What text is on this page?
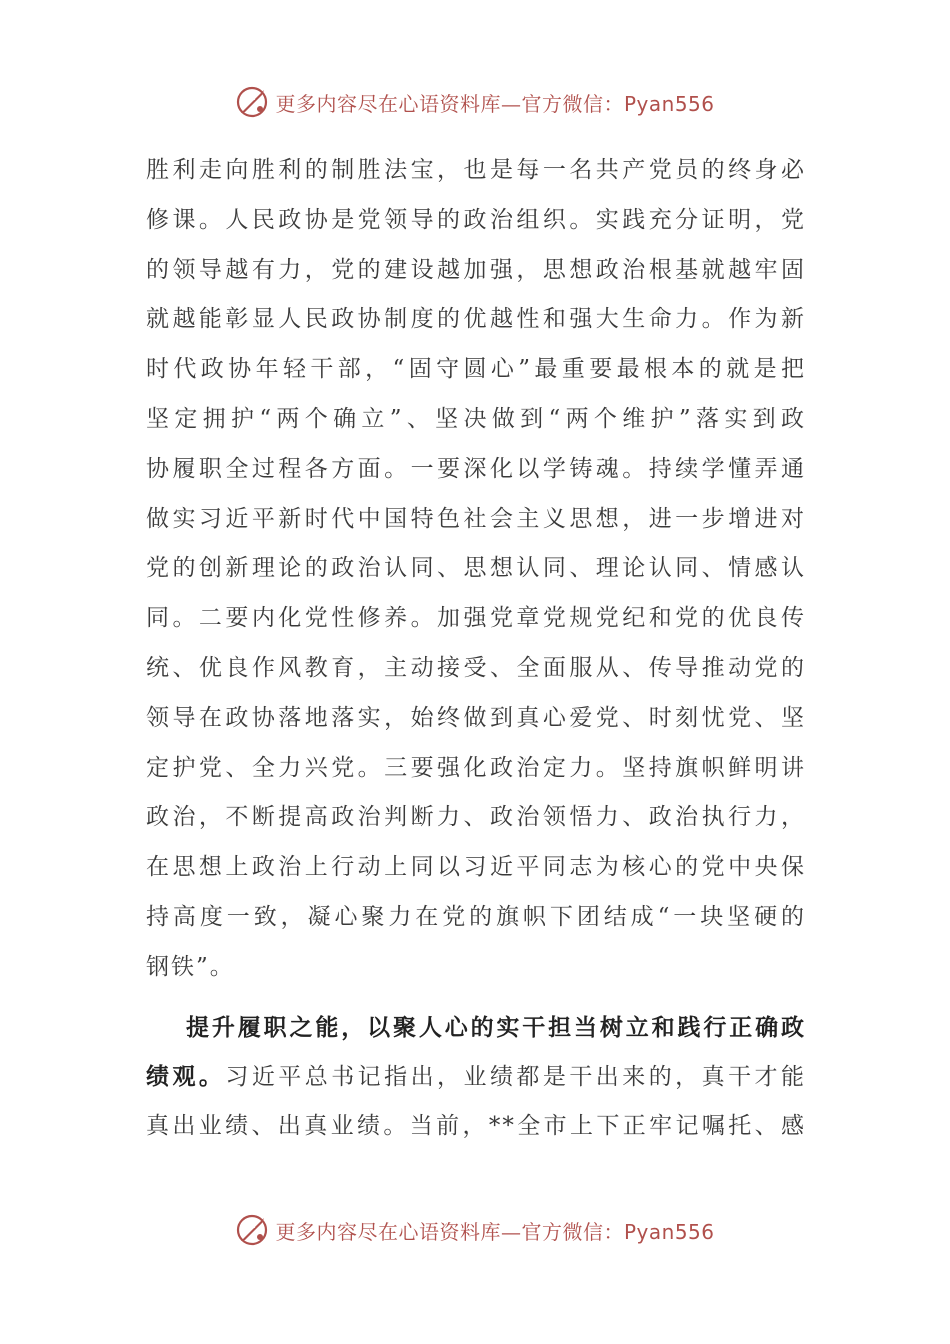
更多内容尽在心语资料库—官方微信：Pyan556
胜利走向胜利的制胜法宝，也是每一名共产党员的终身必
修课。人民政协是党领导的政治组织。实践充分证明，党
的领导越有力，党的建设越加强，思想政治根基就越牢固
就越能彰显人民政协制度的优越性和强大生命力。作为新
时代政协年轻干部，“固守圆心”最重要最根本的就是把
坚定拥护“两个确立”、坚决做到“两个维护”落实到政
协履职全过程各方面。一要深化以学铸魂。持续学懂弄通
做实习近平新时代中国特色社会主义思想，进一步增进对
党的创新理论的政治认同、思想认同、理论认同、情感认
同。二要内化党性修养。加强党章党规党纪和党的优良传
统、优良作风教育，主动接受、全面服从、传导推动党的
领导在政协落地落实，始终做到真心爱党、时刻忧党、坚
定护党、全力兴党。三要强化政治定力。坚持旗帜鲜明讲
政治，不断提高政治判断力、政治领悟力、政治执行力，
在思想上政治上行动上同以习近平同志为核心的党中央保
持高度一致，凝心聚力在党的旗帜下团结成“一块坚硬的
钢铁”。
提升履职之能，以聚人心的实干担当树立和践行正确政
绩观。习近平总书记指出，业绩都是干出来的，真干才能
真出业绩、出真业绩。当前，**全市上下正牢记嘱托、感
更多内容尽在心语资料库—官方微信：Pyan556
